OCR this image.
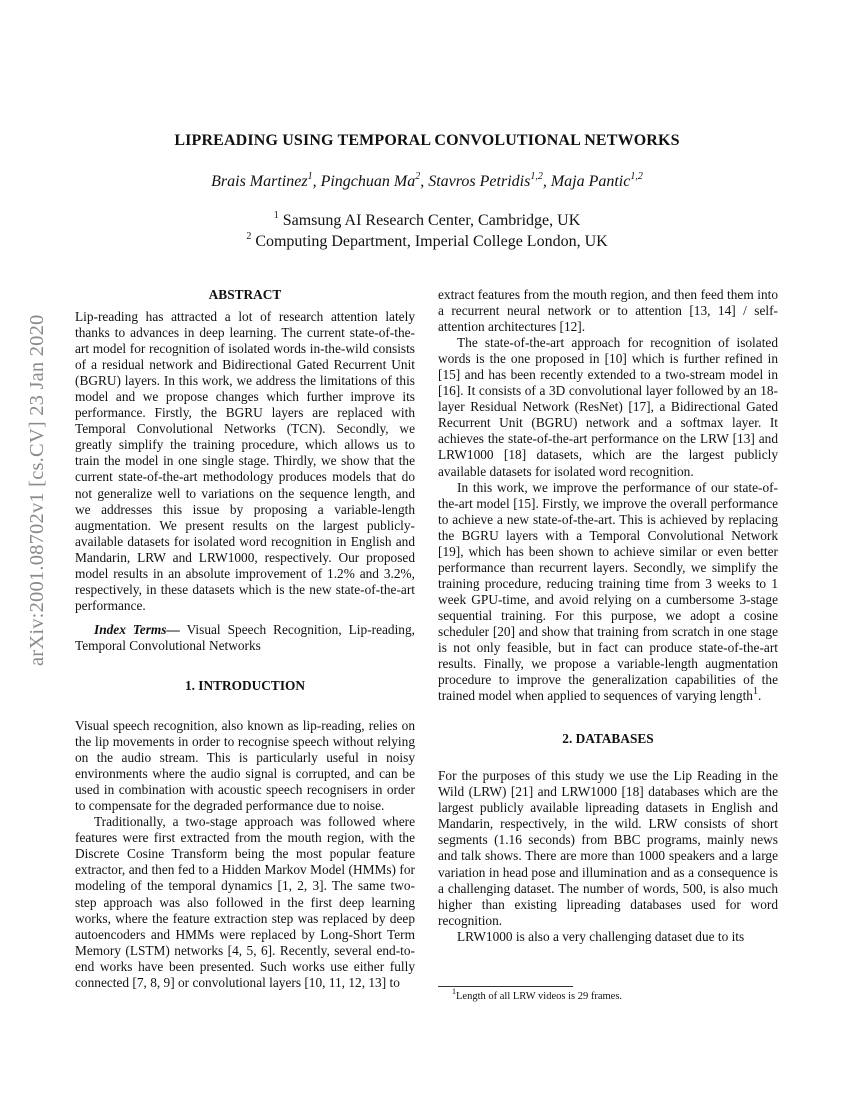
arXiv:2001.08702v1 [cs.CV] 23 Jan 2020
LIPREADING USING TEMPORAL CONVOLUTIONAL NETWORKS
Brais Martinez$^1$, Pingchuan Ma$^2$, Stavros Petridis$^{1,2}$, Maja Pantic$^{1,2}$
$^1$ Samsung AI Research Center, Cambridge, UK
$^2$ Computing Department, Imperial College London, UK
ABSTRACT

Lip-reading has attracted a lot of research attention lately thanks to advances in deep learning. The current state-of-the-art model for recognition of isolated words in-the-wild consists of a residual network and Bidirectional Gated Recurrent Unit (BGRU) layers. In this work, we address the limitations of this model and we propose changes which further improve its performance. Firstly, the BGRU layers are replaced with Temporal Convolutional Networks (TCN). Secondly, we greatly simplify the training procedure, which allows us to train the model in one single stage. Thirdly, we show that the current state-of-the-art methodology produces models that do not generalize well to variations on the sequence length, and we addresses this issue by proposing a variable-length augmentation. We present results on the largest publicly-available datasets for isolated word recognition in English and Mandarin, LRW and LRW1000, respectively. Our proposed model results in an absolute improvement of 1.2% and 3.2%, respectively, in these datasets which is the new state-of-the-art performance.

Index Terms— Visual Speech Recognition, Lip-reading, Temporal Convolutional Networks

1. INTRODUCTION

Visual speech recognition, also known as lip-reading, relies on the lip movements in order to recognise speech without relying on the audio stream. This is particularly useful in noisy environments where the audio signal is corrupted, and can be used in combination with acoustic speech recognisers in order to compensate for the degraded performance due to noise.

Traditionally, a two-stage approach was followed where features were first extracted from the mouth region, with the Discrete Cosine Transform being the most popular feature extractor, and then fed to a Hidden Markov Model (HMMs) for modeling of the temporal dynamics [1, 2, 3]. The same two-step approach was also followed in the first deep learning works, where the feature extraction step was replaced by deep autoencoders and HMMs were replaced by Long-Short Term Memory (LSTM) networks [4, 5, 6]. Recently, several end-to-end works have been presented. Such works use either fully connected [7, 8, 9] or convolutional layers [10, 11, 12, 13] to

extract features from the mouth region, and then feed them into a recurrent neural network or to attention [13, 14] / self-attention architectures [12].

The state-of-the-art approach for recognition of isolated words is the one proposed in [10] which is further refined in [15] and has been recently extended to a two-stream model in [16]. It consists of a 3D convolutional layer followed by an 18-layer Residual Network (ResNet) [17], a Bidirectional Gated Recurrent Unit (BGRU) network and a softmax layer. It achieves the state-of-the-art performance on the LRW [13] and LRW1000 [18] datasets, which are the largest publicly available datasets for isolated word recognition.

In this work, we improve the performance of our state-of-the-art model [15]. Firstly, we improve the overall performance to achieve a new state-of-the-art. This is achieved by replacing the BGRU layers with a Temporal Convolutional Network [19], which has been shown to achieve similar or even better performance than recurrent layers. Secondly, we simplify the training procedure, reducing training time from 3 weeks to 1 week GPU-time, and avoid relying on a cumbersome 3-stage sequential training. For this purpose, we adopt a cosine scheduler [20] and show that training from scratch in one stage is not only feasible, but in fact can produce state-of-the-art results. Finally, we propose a variable-length augmentation procedure to improve the generalization capabilities of the trained model when applied to sequences of varying length$^1$.

2. DATABASES

For the purposes of this study we use the Lip Reading in the Wild (LRW) [21] and LRW1000 [18] databases which are the largest publicly available lipreading datasets in English and Mandarin, respectively, in the wild. LRW consists of short segments (1.16 seconds) from BBC programs, mainly news and talk shows. There are more than 1000 speakers and a large variation in head pose and illumination and as a consequence is a challenging dataset. The number of words, 500, is also much higher than existing lipreading databases used for word recognition.

LRW1000 is also a very challenging dataset due to its

$^1$Length of all LRW videos is 29 frames.
